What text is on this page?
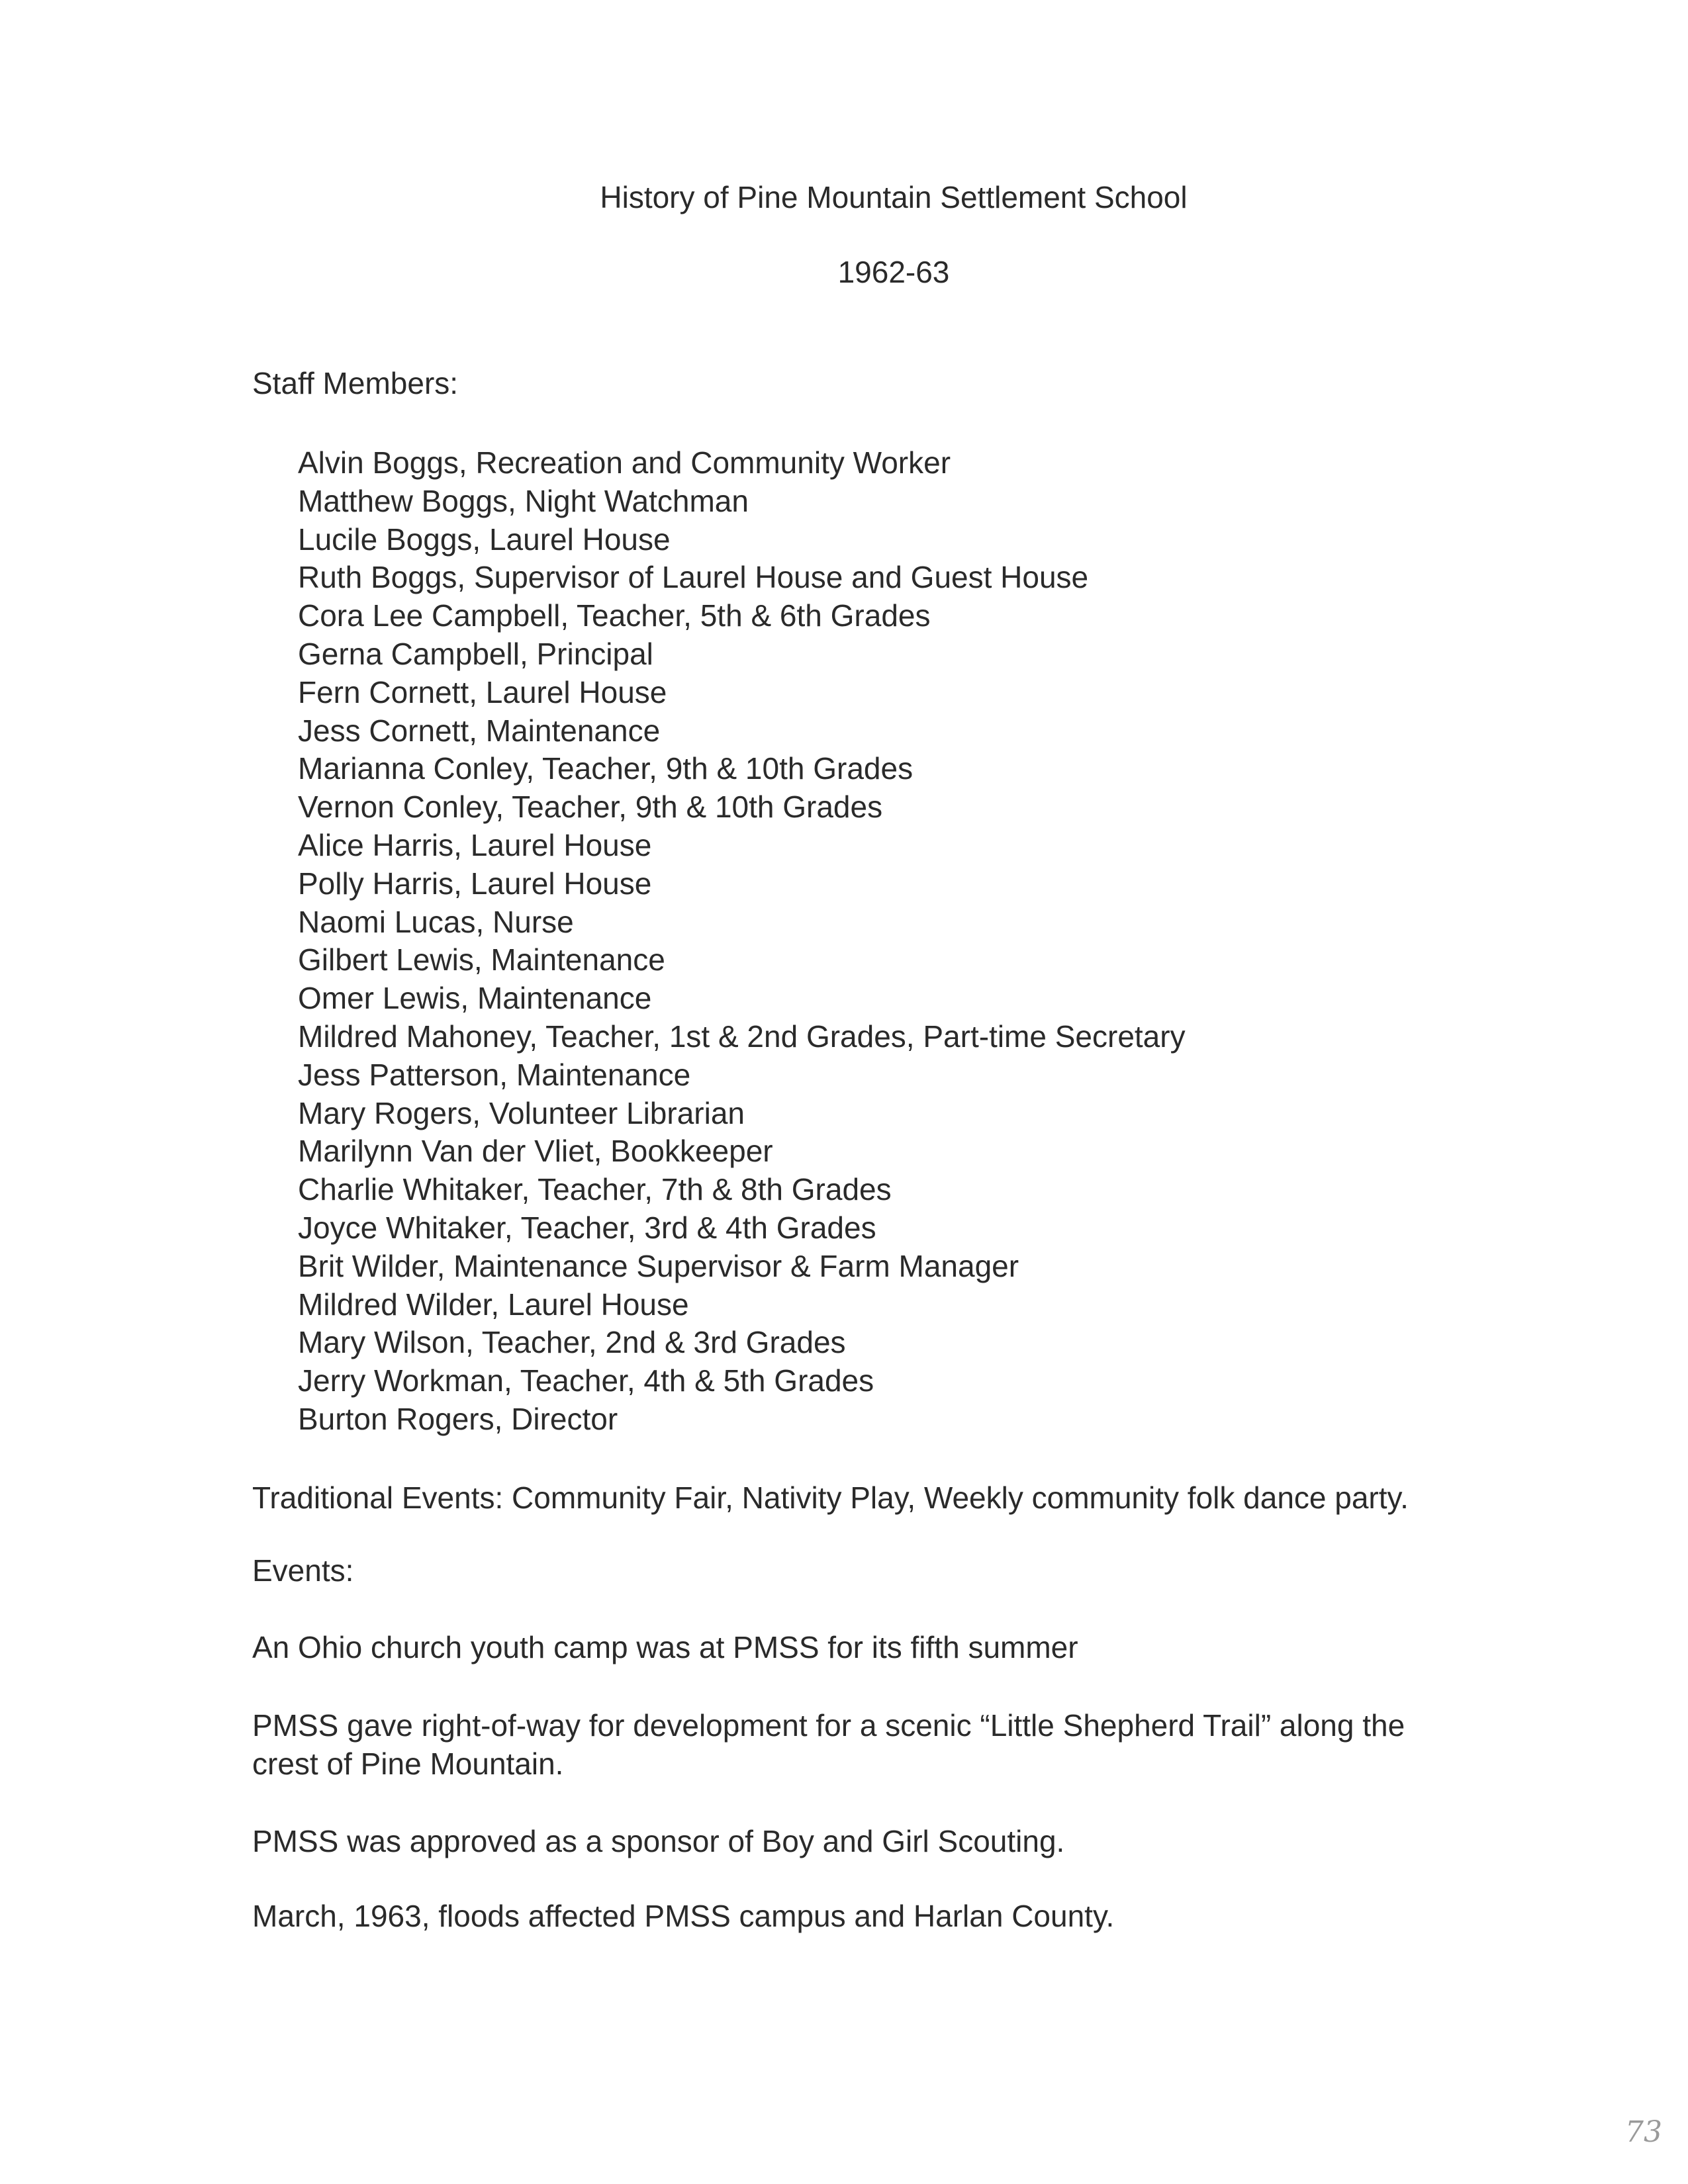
History of Pine Mountain Settlement School
1962-63
Staff Members:
Alvin Boggs, Recreation and Community Worker
Matthew Boggs, Night Watchman
Lucile Boggs, Laurel House
Ruth Boggs, Supervisor of Laurel House and Guest House
Cora Lee Campbell, Teacher, 5th & 6th Grades
Gerna Campbell, Principal
Fern Cornett, Laurel House
Jess Cornett, Maintenance
Marianna Conley, Teacher, 9th & 10th Grades
Vernon Conley, Teacher, 9th & 10th Grades
Alice Harris, Laurel House
Polly Harris, Laurel House
Naomi Lucas, Nurse
Gilbert Lewis, Maintenance
Omer Lewis, Maintenance
Mildred Mahoney, Teacher, 1st & 2nd Grades, Part-time Secretary
Jess Patterson, Maintenance
Mary Rogers, Volunteer Librarian
Marilynn Van der Vliet, Bookkeeper
Charlie Whitaker, Teacher, 7th & 8th Grades
Joyce Whitaker, Teacher, 3rd & 4th Grades
Brit Wilder, Maintenance Supervisor & Farm Manager
Mildred Wilder, Laurel House
Mary Wilson, Teacher, 2nd & 3rd Grades
Jerry Workman, Teacher, 4th & 5th Grades
Burton Rogers, Director
Traditional Events: Community Fair, Nativity Play, Weekly community folk dance party.
Events:
An Ohio church youth camp was at PMSS for its fifth summer
PMSS gave right-of-way for development for a scenic “Little Shepherd Trail” along the
crest of Pine Mountain.
PMSS was approved as a sponsor of Boy and Girl Scouting.
March, 1963, floods affected PMSS campus and Harlan County.
73
